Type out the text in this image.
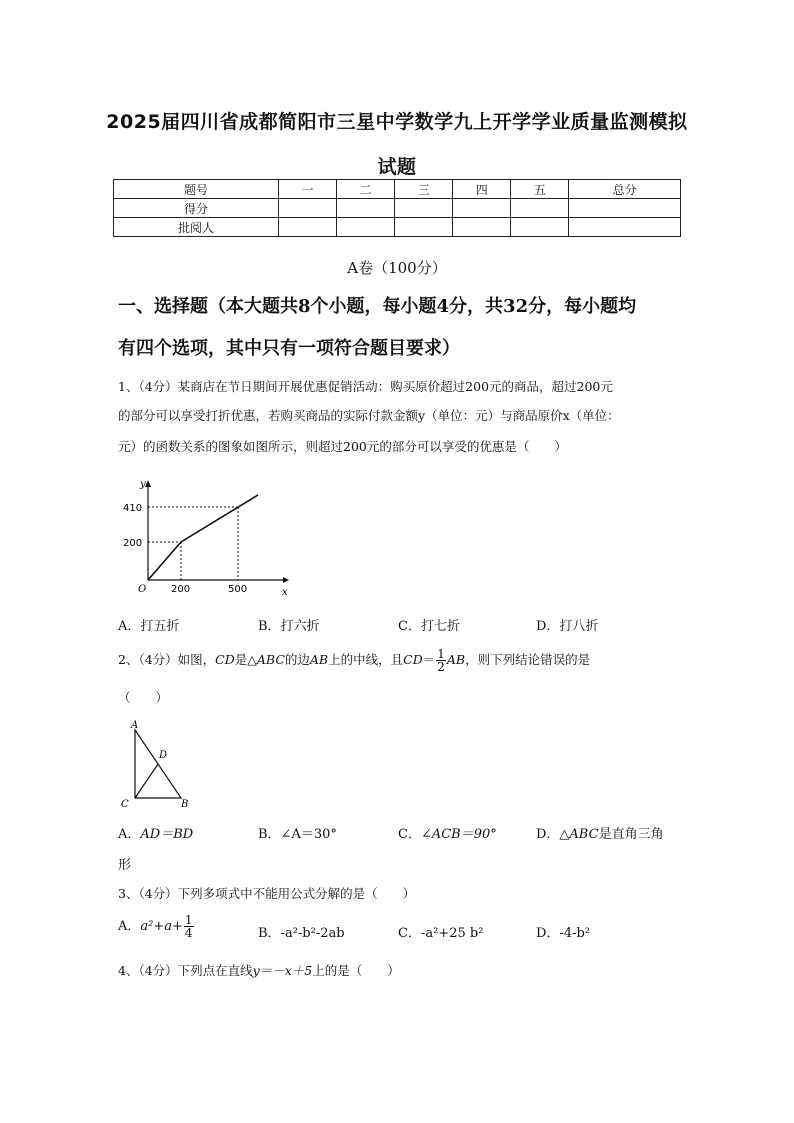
2025届四川省成都简阳市三星中学数学九上开学学业质量监测模拟
试题
题号	一	二	三	四	五	总分
得分						
批阅人						
A卷（100分）
一、选择题（本大题共8个小题，每小题4分，共32分，每小题均
有四个选项，其中只有一项符合题目要求）
1、（4分）某商店在节日期间开展优惠促销活动：购买原价超过200元的商品，超过200元
的部分可以享受打折优惠，若购买商品的实际付款金额y（单位：元）与商品原价x（单位：
元）的函数关系的图象如图所示，则超过200元的部分可以享受的优惠是（　　）
y
x
O
410
200
200	500
A．打五折	B．打六折	C．打七折	D．打八折
2、（4分）如图，CD是△ABC的边AB上的中线，且$CD= \frac{1}{2}$ AB，则下列结论错误的是
（　　）
A
D
C	B
A．AD＝BD	B．∠A＝30°	C．∠ACB＝90°	D．△ABC是直角三角
形
3、（4分）下列多项式中不能用公式分解的是（　　）
A．$a^2+a+ \frac{1}{4}$	B．-a²-b²-2ab	C．-a²+25 b²	D．-4-b²
4、（4分）下列点在直线y＝－x＋5上的是（　　）
